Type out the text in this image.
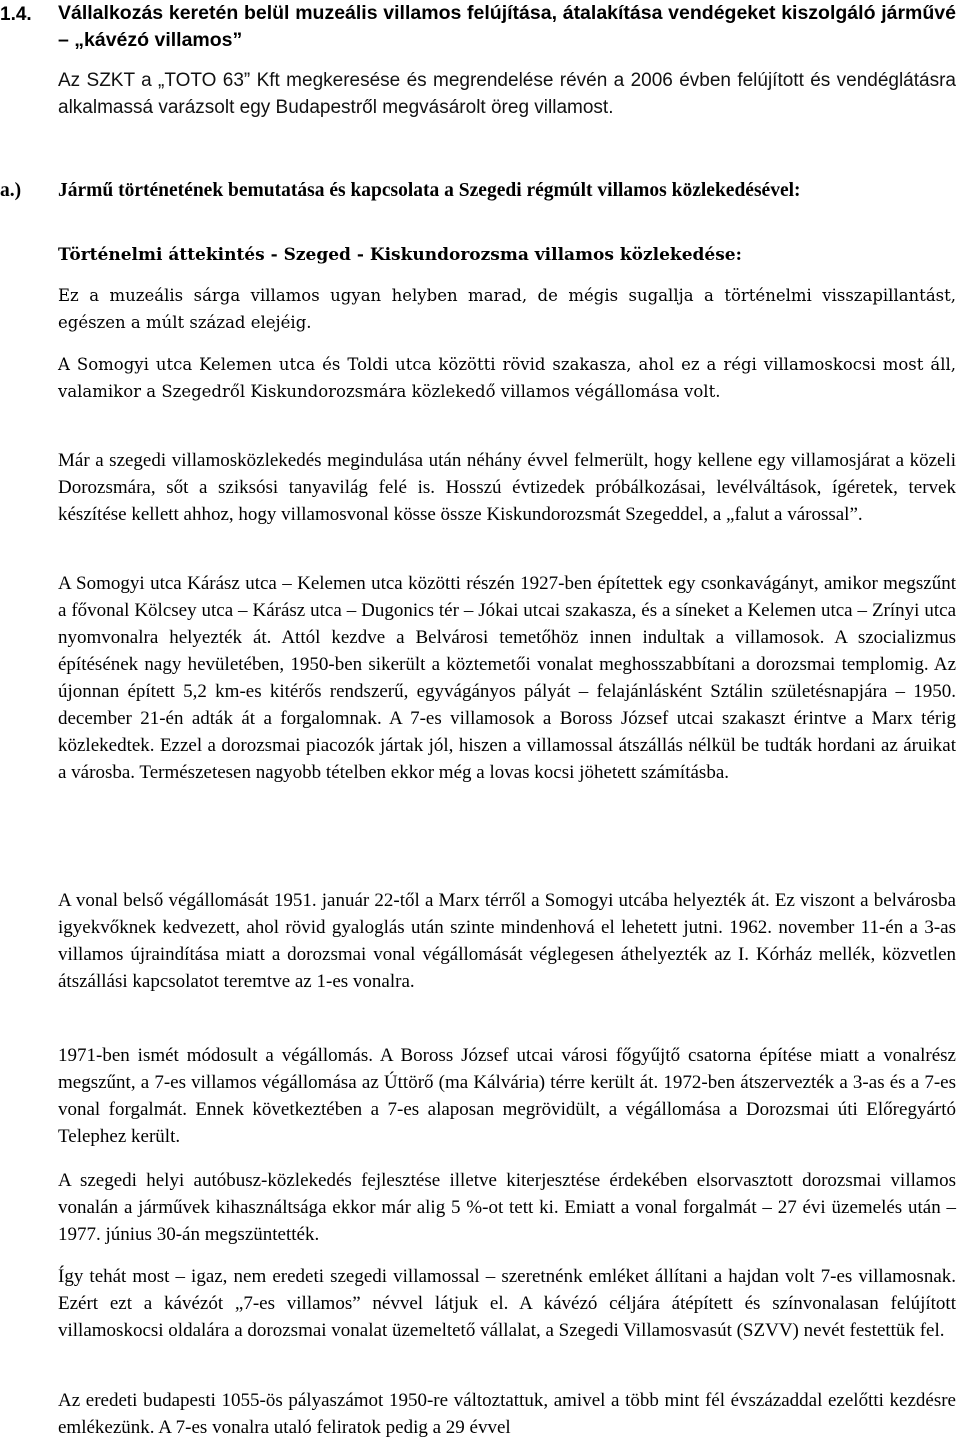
1.4. Vállalkozás keretén belül muzeális villamos felújítása, átalakítása vendégeket kiszolgáló járművé – „kávézó villamos”
Az SZKT a „TOTO 63” Kft megkeresése és megrendelése révén a 2006 évben felújított és vendéglátásra alkalmassá varázsolt egy Budapestről megvásárolt öreg villamost.
a.) Jármű történetének bemutatása és kapcsolata a Szegedi régmúlt villamos közlekedésével:

Történelmi áttekintés - Szeged - Kiskundorozsma villamos közlekedése:

Ez a muzeális sárga villamos ugyan helyben marad, de mégis sugallja a történelmi visszapillantást, egészen a múlt század elejéig.

A Somogyi utca Kelemen utca és Toldi utca közötti rövid szakasza, ahol ez a régi villamoskocsi most áll, valamikor a Szegedről Kiskundorozsmára közlekedő villamos végállomása volt.

Már a szegedi villamosközlekedés megindulása után néhány évvel felmerült, hogy kellene egy villamosjárat a közeli Dorozsmára, sőt a sziksósi tanyavilág felé is. Hosszú évtizedek próbálkozásai, levélváltások, ígéretek, tervek készítése kellett ahhoz, hogy villamosvonal kösse össze Kiskundorozsmát Szegeddel, a „falut a várossal”.

A Somogyi utca Kárász utca – Kelemen utca közötti részén 1927-ben építettek egy csonkavágányt, amikor megszűnt a fővonal Kölcsey utca – Kárász utca – Dugonics tér – Jókai utcai szakasza, és a síneket a Kelemen utca – Zrínyi utca nyomvonalra helyezték át. Attól kezdve a Belvárosi temetőhöz innen indultak a villamosok. A szocializmus építésének nagy hevületében, 1950-ben sikerült a köztemetői vonalat meghosszabbítani a dorozsmai templomig. Az újonnan épített 5,2 km-es kitérős rendszerű, egyvágányos pályát – felajánlásként Sztálin születésnapjára – 1950. december 21-én adták át a forgalomnak. A 7-es villamosok a Boross József utcai szakaszt érintve a Marx térig közlekedtek. Ezzel a dorozsmai piacozók jártak jól, hiszen a villamossal átszállás nélkül be tudták hordani az áruikat a városba. Természetesen nagyobb tételben ekkor még a lovas kocsi jöhetett számításba.

A vonal belső végállomását 1951. január 22-től a Marx térről a Somogyi utcába helyezték át. Ez viszont a belvárosba igyekvőknek kedvezett, ahol rövid gyaloglás után szinte mindenhová el lehetett jutni. 1962. november 11-én a 3-as villamos újraindítása miatt a dorozsmai vonal végállomását véglegesen áthelyezték az I. Kórház mellék, közvetlen átszállási kapcsolatot teremtve az 1-es vonalra.

1971-ben ismét módosult a végállomás. A Boross József utcai városi főgyűjtő csatorna építése miatt a vonalrész megszűnt, a 7-es villamos végállomása az Úttörő (ma Kálvária) térre került át. 1972-ben átszervezték a 3-as és a 7-es vonal forgalmát. Ennek következtében a 7-es alaposan megrövidült, a végállomása a Dorozsmai úti Előregyártó Telephez került.

A szegedi helyi autóbusz-közlekedés fejlesztése illetve kiterjesztése érdekében elsorvasztott dorozsmai villamos vonalán a járművek kihasználtsága ekkor már alig 5 %-ot tett ki. Emiatt a vonal forgalmát – 27 évi üzemelés után – 1977. június 30-án megszüntették.

Így tehát most – igaz, nem eredeti szegedi villamossal – szeretnénk emléket állítani a hajdan volt 7-es villamosnak. Ezért ezt a kávézót „7-es villamos” névvel látjuk el. A kávézó céljára átépített és színvonalasan felújított villamoskocsi oldalára a dorozsmai vonalat üzemeltető vállalat, a Szegedi Villamosvasút (SZVV) nevét festettük fel.

Az eredeti budapesti 1055-ös pályaszámot 1950-re változtattuk, amivel a több mint fél évszázaddal ezelőtti kezdésre emlékezünk. A 7-es vonalra utaló feliratok pedig a 29 évvel
